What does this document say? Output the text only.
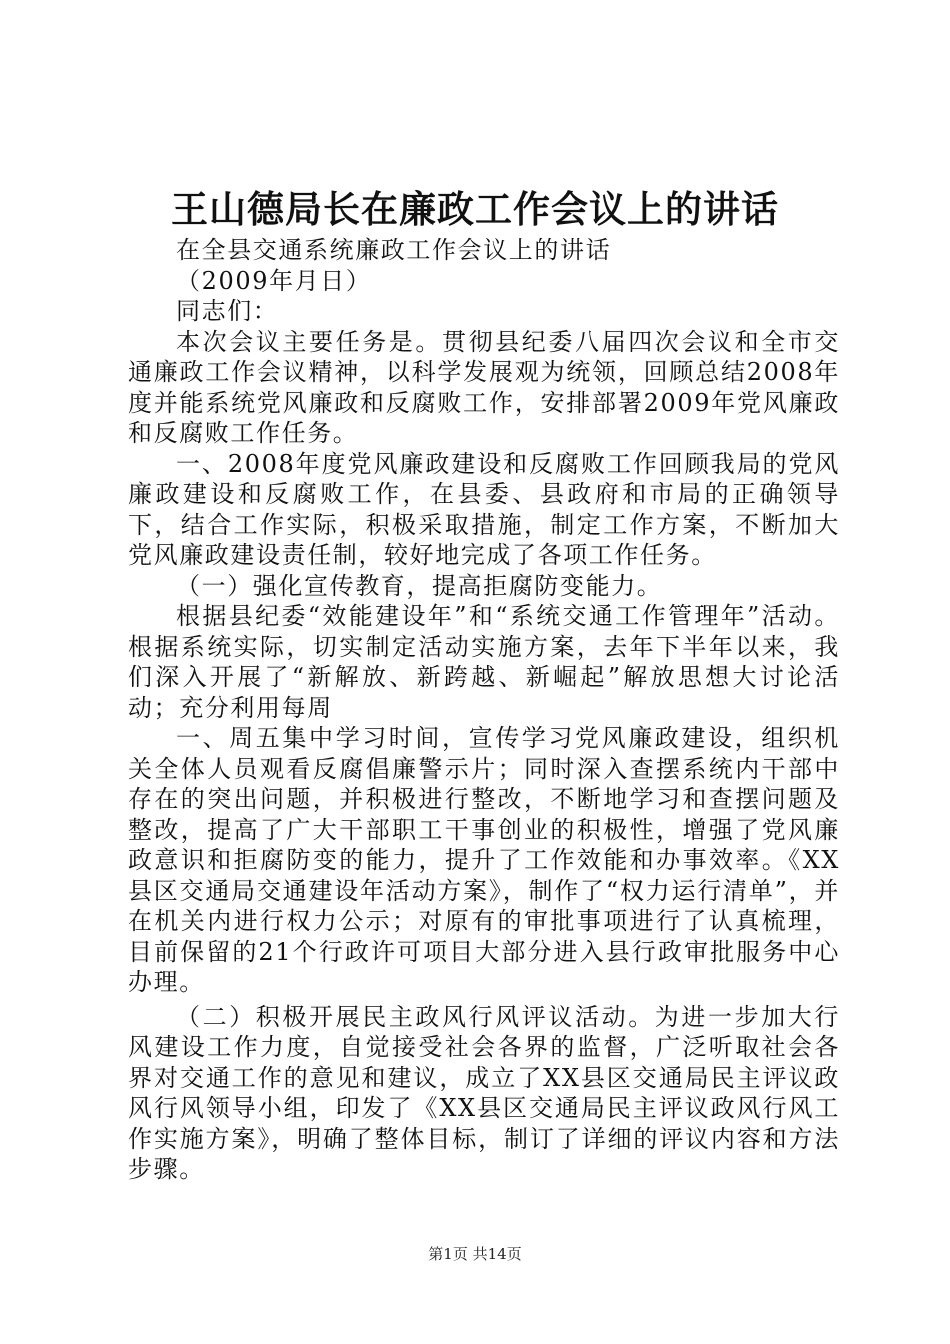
王山德局长在廉政工作会议上的讲话

在全县交通系统廉政工作会议上的讲话

（2009年月日）

同志们：

本次会议主要任务是。贯彻县纪委八届四次会议和全市交通廉政工作会议精神，以科学发展观为统领，回顾总结2008年度并能系统党风廉政和反腐败工作，安排部署2009年党风廉政和反腐败工作任务。

一、2008年度党风廉政建设和反腐败工作回顾我局的党风廉政建设和反腐败工作，在县委、县政府和市局的正确领导下，结合工作实际，积极采取措施，制定工作方案，不断加大党风廉政建设责任制，较好地完成了各项工作任务。

（一）强化宣传教育，提高拒腐防变能力。

根据县纪委“效能建设年”和“系统交通工作管理年”活动。根据系统实际，切实制定活动实施方案，去年下半年以来，我们深入开展了“新解放、新跨越、新崛起”解放思想大讨论活动；充分利用每周

一、周五集中学习时间，宣传学习党风廉政建设，组织机关全体人员观看反腐倡廉警示片；同时深入查摆系统内干部中存在的突出问题，并积极进行整改，不断地学习和查摆问题及整改，提高了广大干部职工干事创业的积极性，增强了党风廉政意识和拒腐防变的能力，提升了工作效能和办事效率。《XX县区交通局交通建设年活动方案》，制作了“权力运行清单”，并在机关内进行权力公示；对原有的审批事项进行了认真梳理，目前保留的21个行政许可项目大部分进入县行政审批服务中心办理。

（二）积极开展民主政风行风评议活动。为进一步加大行风建设工作力度，自觉接受社会各界的监督，广泛听取社会各界对交通工作的意见和建议，成立了XX县区交通局民主评议政风行风领导小组，印发了《XX县区交通局民主评议政风行风工作实施方案》，明确了整体目标，制订了详细的评议内容和方法步骤。

第1页 共14页
